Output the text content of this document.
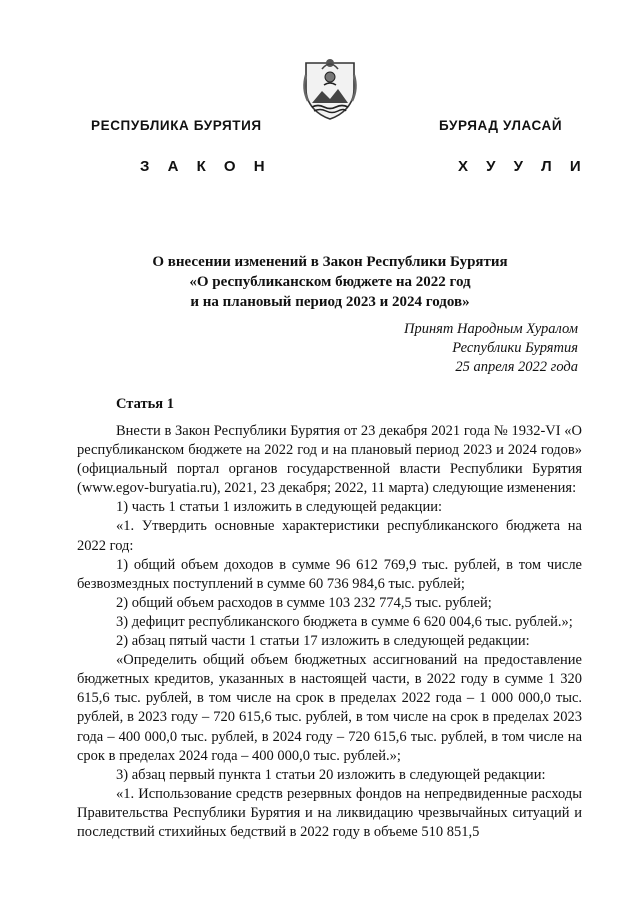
РЕСПУБЛИКА БУРЯТИЯ	БУРЯАД УЛАСАЙ
З А К О Н	Х У У Л И
О внесении изменений в Закон Республики Бурятия
«О республиканском бюджете на 2022 год
и на плановый период 2023 и 2024 годов»
Принят Народным Хуралом
Республики Бурятия
25 апреля 2022 года
Статья 1

Внести в Закон Республики Бурятия от 23 декабря 2021 года № 1932-VI «О республиканском бюджете на 2022 год и на плановый период 2023 и 2024 годов» (официальный портал органов государственной власти Республики Бурятия (www.egov-buryatia.ru), 2021, 23 декабря; 2022, 11 марта) следующие изменения:

1) часть 1 статьи 1 изложить в следующей редакции:

«1. Утвердить основные характеристики республиканского бюджета на 2022 год:

1) общий объем доходов в сумме 96 612 769,9 тыс. рублей, в том числе безвозмездных поступлений в сумме 60 736 984,6 тыс. рублей;

2) общий объем расходов в сумме 103 232 774,5 тыс. рублей;

3) дефицит республиканского бюджета в сумме 6 620 004,6 тыс. рублей.»;

2) абзац пятый части 1 статьи 17 изложить в следующей редакции:

«Определить общий объем бюджетных ассигнований на предоставление бюджетных кредитов, указанных в настоящей части, в 2022 году в сумме 1 320 615,6 тыс. рублей, в том числе на срок в пределах 2022 года – 1 000 000,0 тыс. рублей, в 2023 году – 720 615,6 тыс. рублей, в том числе на срок в пределах 2023 года – 400 000,0 тыс. рублей, в 2024 году – 720 615,6 тыс. рублей, в том числе на срок в пределах 2024 года – 400 000,0 тыс. рублей.»;

3) абзац первый пункта 1 статьи 20 изложить в следующей редакции:

«1. Использование средств резервных фондов на непредвиденные расходы Правительства Республики Бурятия и на ликвидацию чрезвычайных ситуаций и последствий стихийных бедствий в 2022 году в объеме 510 851,5
